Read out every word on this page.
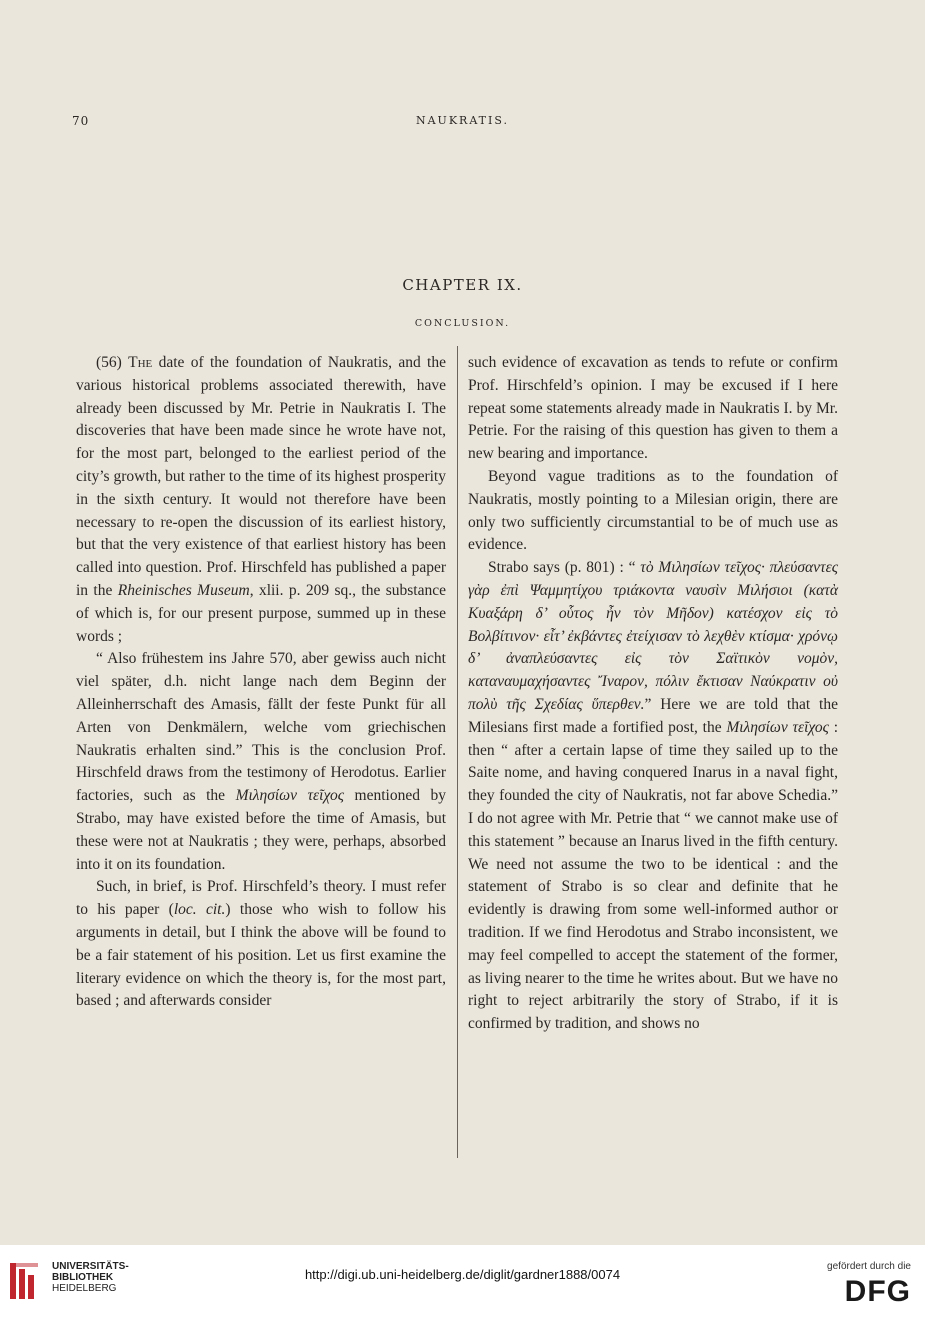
70	NAUKRATIS.
CHAPTER IX.
CONCLUSION.

(56) The date of the foundation of Naukratis, and the various historical problems associated therewith, have already been discussed by Mr. Petrie in Naukratis I. The discoveries that have been made since he wrote have not, for the most part, belonged to the earliest period of the city’s growth, but rather to the time of its highest prosperity in the sixth century. It would not therefore have been necessary to re-open the discussion of its earliest history, but that the very existence of that earliest history has been called into question. Prof. Hirschfeld has published a paper in the Rheinisches Museum, xlii. p. 209 sq., the substance of which is, for our present purpose, summed up in these words ;

“ Also frühestem ins Jahre 570, aber gewiss auch nicht viel später, d.h. nicht lange nach dem Beginn der Alleinherrschaft des Amasis, fällt der feste Punkt für all Arten von Denkmälern, welche vom griechischen Naukratis erhalten sind.” This is the conclusion Prof. Hirschfeld draws from the testimony of Herodotus. Earlier factories, such as the Μιλησίων τεῖχος mentioned by Strabo, may have existed before the time of Amasis, but these were not at Naukratis ; they were, perhaps, absorbed into it on its foundation.

Such, in brief, is Prof. Hirschfeld’s theory. I must refer to his paper (loc. cit.) those who wish to follow his arguments in detail, but I think the above will be found to be a fair statement of his position. Let us first examine the literary evidence on which the theory is, for the most part, based ; and afterwards consider

such evidence of excavation as tends to refute or confirm Prof. Hirschfeld’s opinion. I may be excused if I here repeat some statements already made in Naukratis I. by Mr. Petrie. For the raising of this question has given to them a new bearing and importance.

Beyond vague traditions as to the foundation of Naukratis, mostly pointing to a Milesian origin, there are only two sufficiently circumstantial to be of much use as evidence.

Strabo says (p. 801) : “ τὸ Μιλησίων τεῖχος· πλεύσαντες γὰρ ἐπὶ Ψαμμητίχου τριάκοντα ναυσὶν Μιλήσιοι (κατὰ Κυαξάρη δ’ οὗτος ἦν τὸν Μῆδον) κατέσχον εἰς τὸ Βολβίτινον· εἶτ’ ἐκβάντες ἐτείχισαν τὸ λεχθὲν κτίσμα· χρόνῳ δ’ ἀναπλεύσαντες εἰς τὸν Σαϊτικὸν νομὸν, καταναυμαχήσαντες Ἴναρον, πόλιν ἔκτισαν Ναύκρατιν οὐ πολὺ τῆς Σχεδίας ὕπερθεν.” Here we are told that the Milesians first made a fortified post, the Μιλησίων τεῖχος : then “ after a certain lapse of time they sailed up to the Saite nome, and having conquered Inarus in a naval fight, they founded the city of Naukratis, not far above Schedia.” I do not agree with Mr. Petrie that “ we cannot make use of this statement ” because an Inarus lived in the fifth century. We need not assume the two to be identical : and the statement of Strabo is so clear and definite that he evidently is drawing from some well-informed author or tradition. If we find Herodotus and Strabo inconsistent, we may feel compelled to accept the statement of the former, as living nearer to the time he writes about. But we have no right to reject arbitrarily the story of Strabo, if it is confirmed by tradition, and shows no

UNIVERSITÄTS-
BIBLIOTHEK
HEIDELBERG
http://digi.ub.uni-heidelberg.de/diglit/gardner1888/0074
gefördert durch die
DFG
